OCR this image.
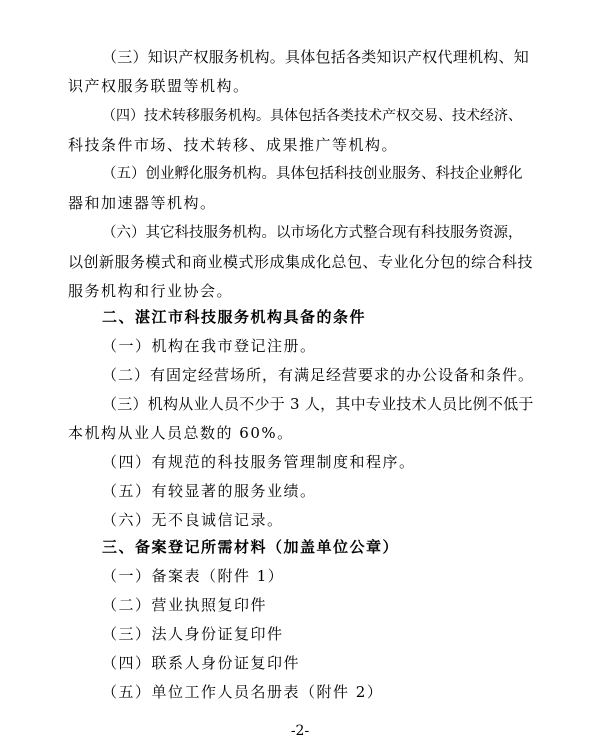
（三）知识产权服务机构。具体包括各类知识产权代理机构、知
识产权服务联盟等机构。
（四）技术转移服务机构。具体包括各类技术产权交易、技术经济、
科技条件市场、技术转移、成果推广等机构。
（五）创业孵化服务机构。具体包括科技创业服务、科技企业孵化
器和加速器等机构。
（六）其它科技服务机构。以市场化方式整合现有科技服务资源，
以创新服务模式和商业模式形成集成化总包、专业化分包的综合科技
服务机构和行业协会。
二、湛江市科技服务机构具备的条件
（一）机构在我市登记注册。
（二）有固定经营场所，有满足经营要求的办公设备和条件。
（三）机构从业人员不少于 3 人，其中专业技术人员比例不低于
本机构从业人员总数的 60%。
（四）有规范的科技服务管理制度和程序。
（五）有较显著的服务业绩。
（六）无不良诚信记录。
三、备案登记所需材料（加盖单位公章）
（一）备案表（附件 1）
（二）营业执照复印件
（三）法人身份证复印件
（四）联系人身份证复印件
（五）单位工作人员名册表（附件 2）
-2-
